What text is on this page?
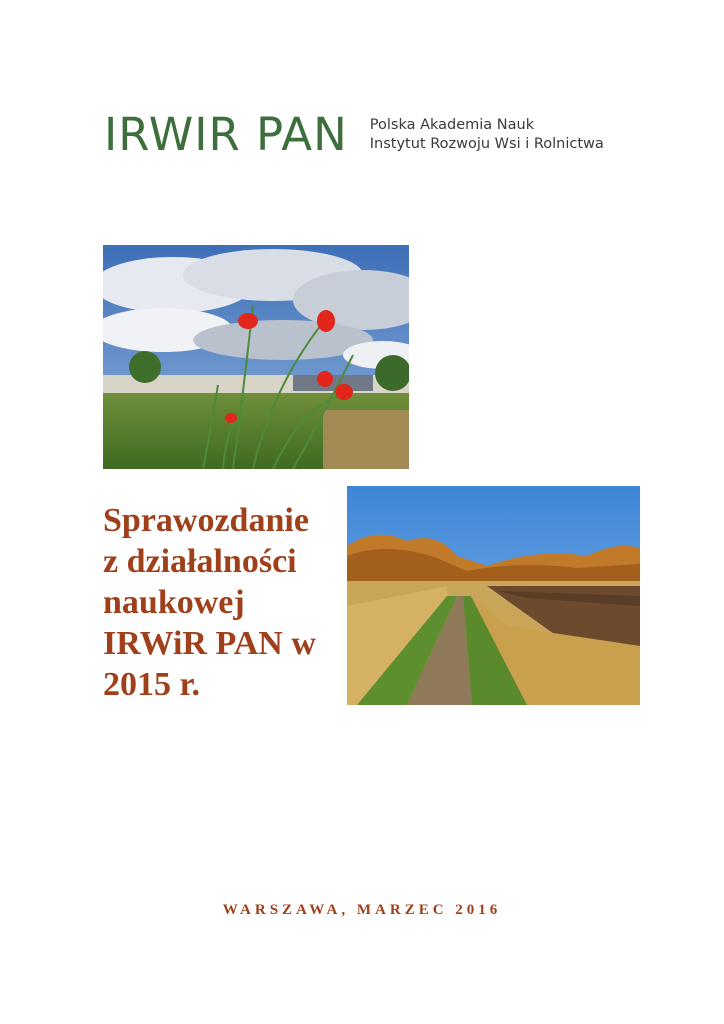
IRWIR PAN Polska Akademia Nauk
Instytut Rozwoju Wsi i Rolnictwa
Sprawozdanie
z działalności
naukowej
IRWiR PAN w
2015 r.
WARSZAWA, MARZEC 2016
